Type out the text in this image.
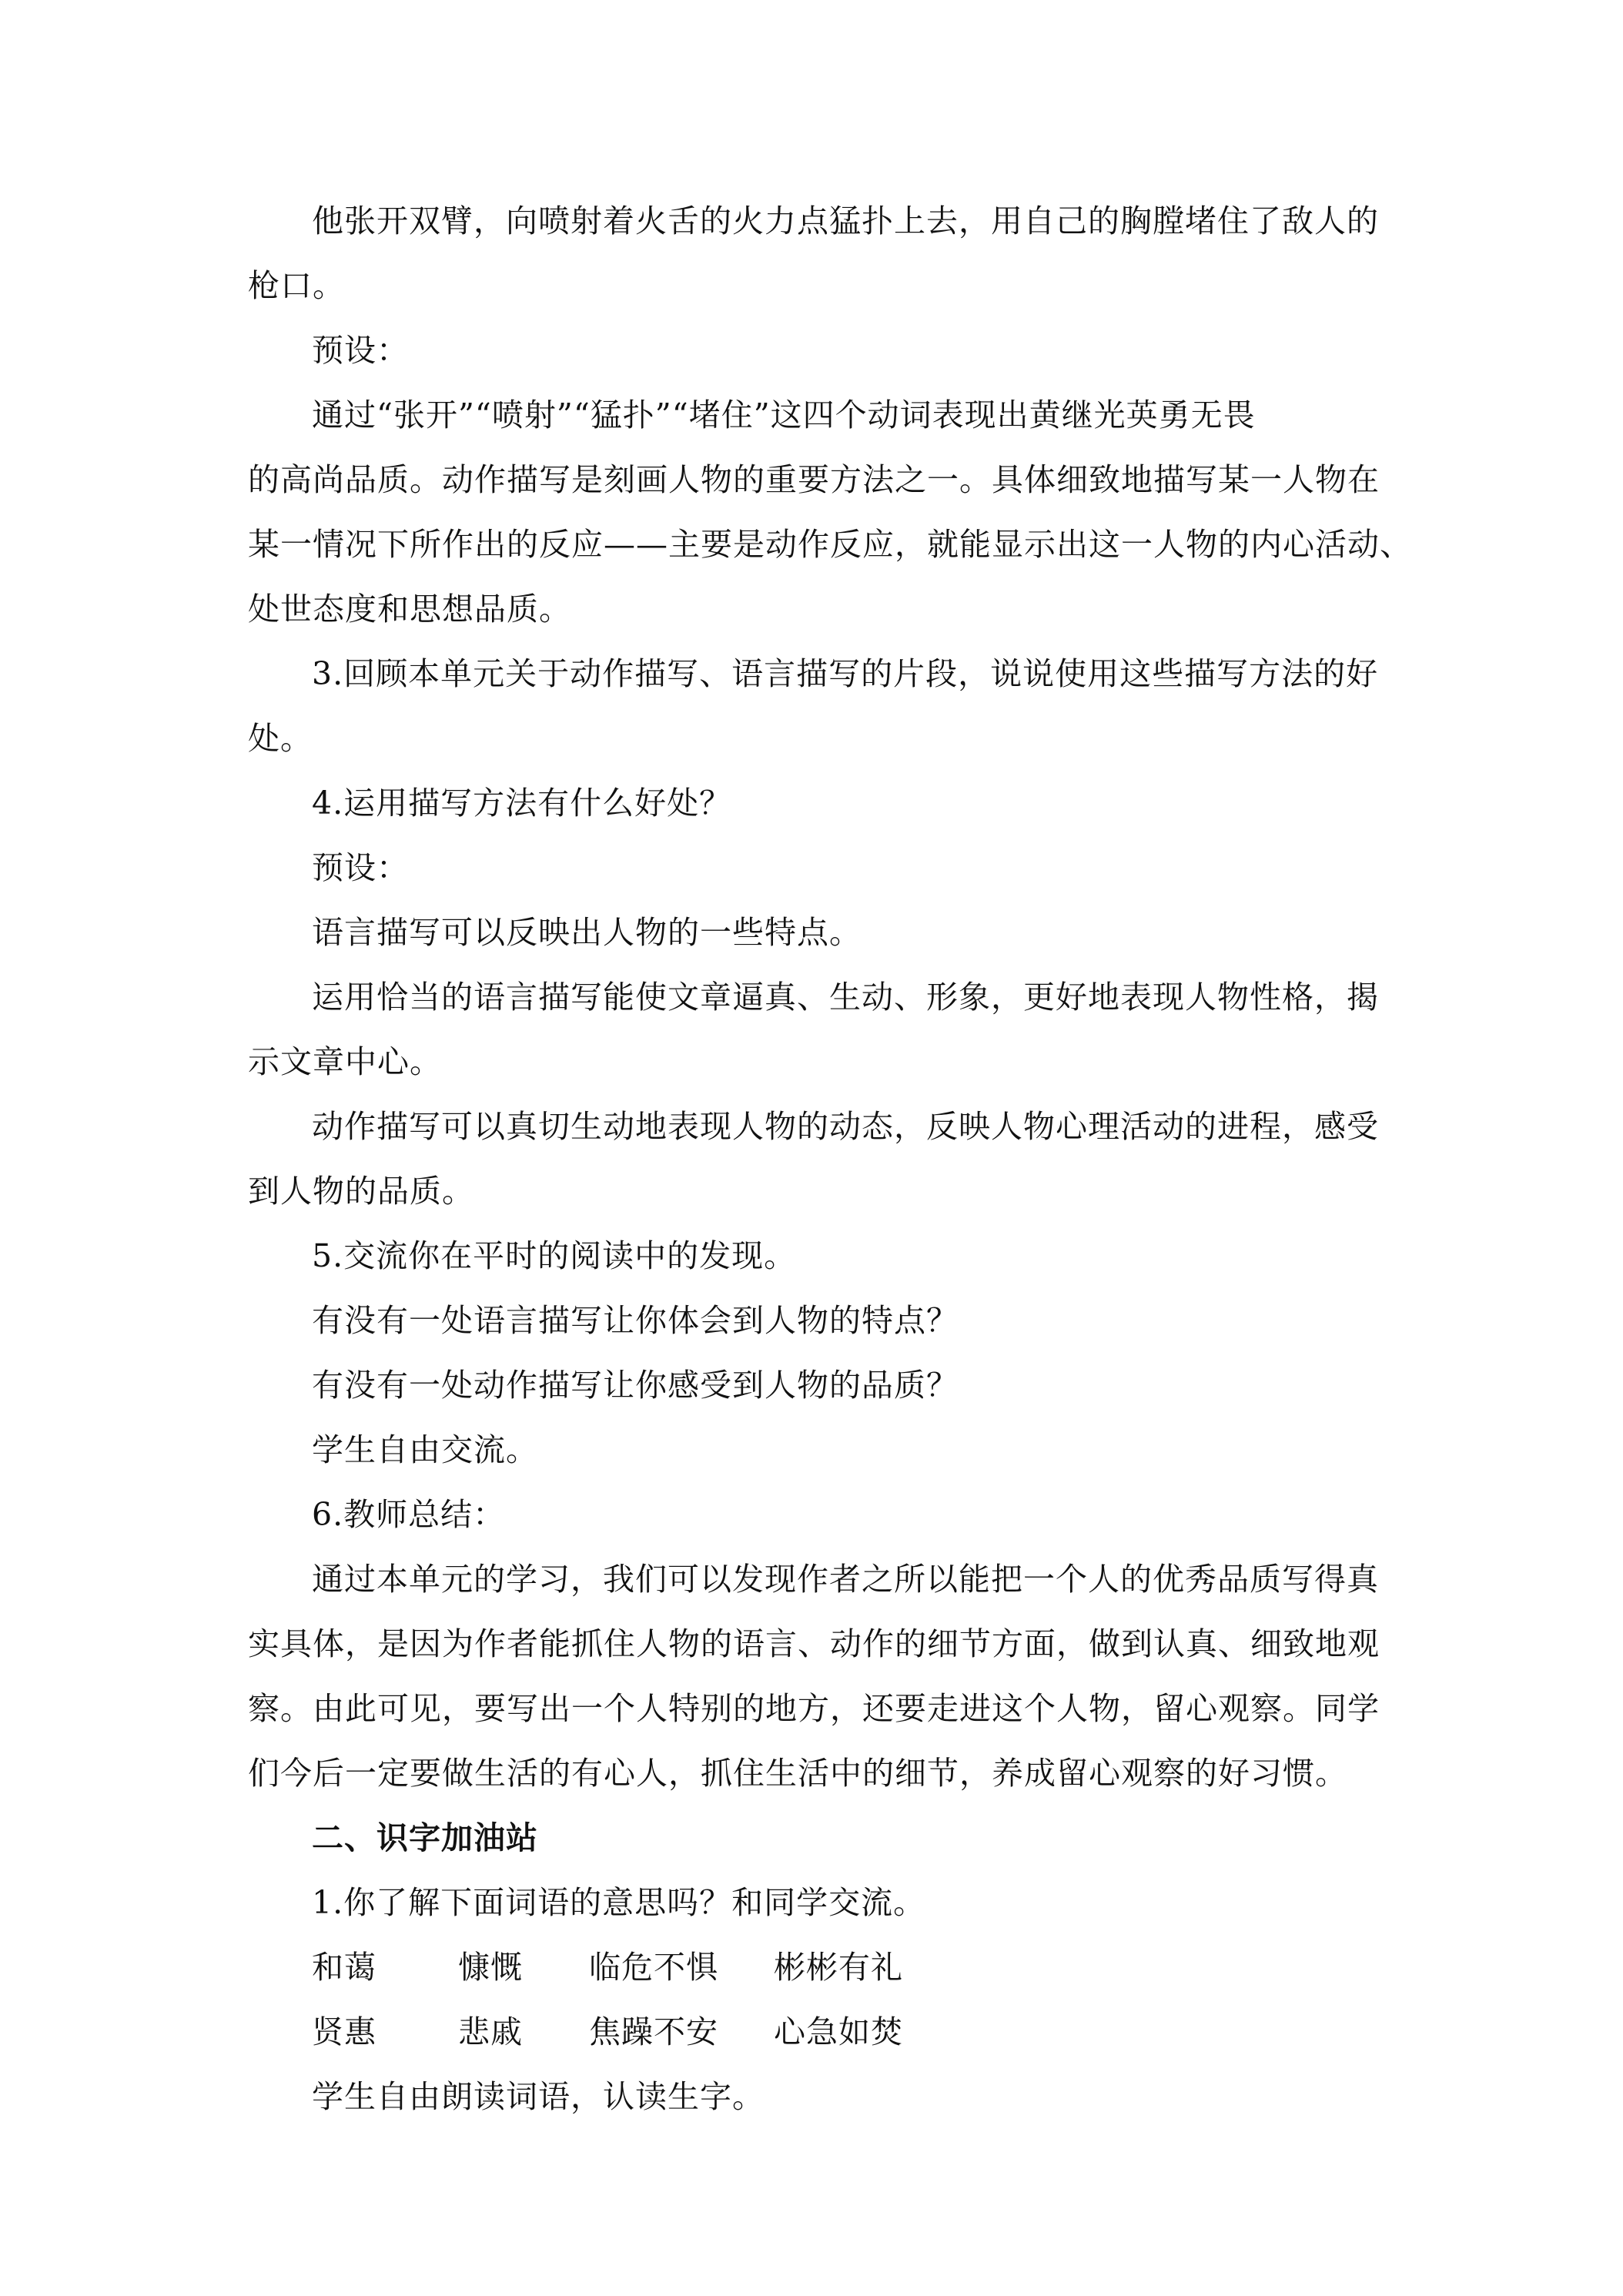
他张开双臂，向喷射着火舌的火力点猛扑上去，用自己的胸膛堵住了敌人的
枪口。

预设：

通过“张开”“喷射”“猛扑”“堵住”这四个动词表现出黄继光英勇无畏
的高尚品质。动作描写是刻画人物的重要方法之一。具体细致地描写某一人物在
某一情况下所作出的反应——主要是动作反应，就能显示出这一人物的内心活动、
处世态度和思想品质。

3.回顾本单元关于动作描写、语言描写的片段，说说使用这些描写方法的好
处。

4.运用描写方法有什么好处？

预设：

语言描写可以反映出人物的一些特点。

运用恰当的语言描写能使文章逼真、生动、形象，更好地表现人物性格，揭
示文章中心。

动作描写可以真切生动地表现人物的动态，反映人物心理活动的进程，感受
到人物的品质。

5.交流你在平时的阅读中的发现。

有没有一处语言描写让你体会到人物的特点？

有没有一处动作描写让你感受到人物的品质？

学生自由交流。

6.教师总结：

通过本单元的学习，我们可以发现作者之所以能把一个人的优秀品质写得真
实具体，是因为作者能抓住人物的语言、动作的细节方面，做到认真、细致地观
察。由此可见，要写出一个人特别的地方，还要走进这个人物，留心观察。同学
们今后一定要做生活的有心人，抓住生活中的细节，养成留心观察的好习惯。

二、识字加油站

1.你了解下面词语的意思吗？和同学交流。

和蔼	慷慨	临危不惧	彬彬有礼
贤惠	悲戚	焦躁不安	心急如焚

学生自由朗读词语，认读生字。
